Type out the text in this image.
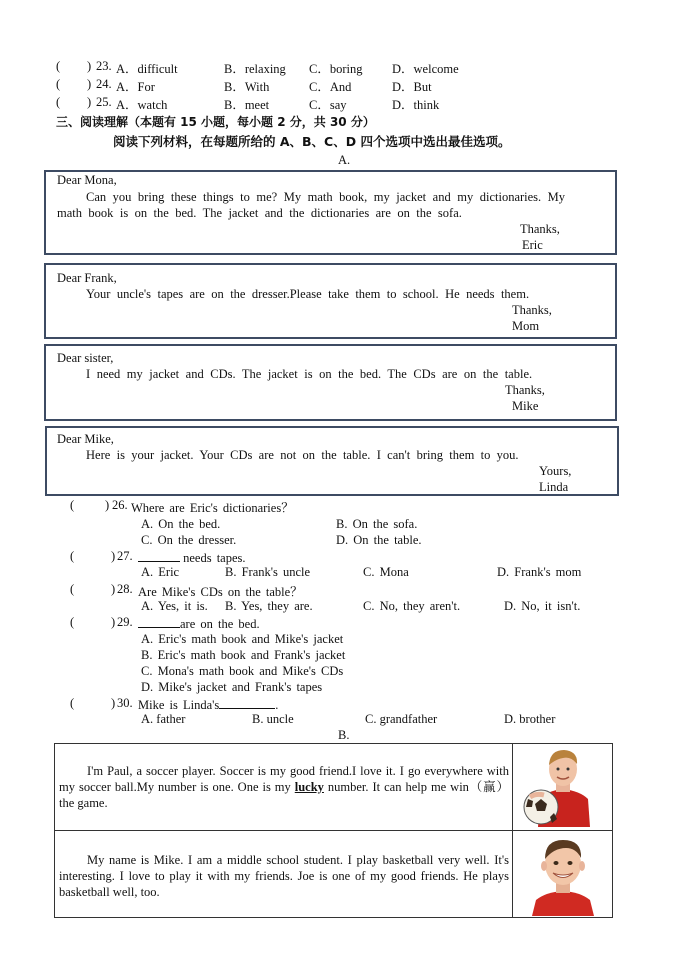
( ) 23. A．difficult	B．relaxing C．boring D．welcome
( ) 24. A．For	B．With	C．And	D．But
( ) 25. A．watch	B．meet	C．say	D．think
三、阅读理解（本题有 15 小题，每小题 2 分，共 30 分）
阅读下列材料，在每题所给的 A、B、C、D 四个选项中选出最佳选项。
A.
Dear Mona,
Can you bring these things to me? My math book, my jacket and my dictionaries. My
math book is on the bed. The jacket and the dictionaries are on the sofa.
Thanks,
Eric
Dear Frank,
Your uncle's tapes are on the dresser.Please take them to school. He needs them.
Thanks,
Mom
Dear sister,
I need my jacket and CDs. The jacket is on the bed. The CDs are on the table.
Thanks,
Mike
Dear Mike,
Here is your jacket. Your CDs are not on the table. I can't bring them to you.
Yours,
Linda
( ) 26. Where are Eric's dictionaries？
A. On the bed.	B. On the sofa.
C. On the dresser.	D. On the table.
(	) 27.	needs tapes.
A. Eric	B. Frank's uncle	C. Mona	D. Frank's mom
(	) 28. Are Mike's CDs on the table？
A. Yes, it is. B. Yes, they are.	C. No, they aren't.	D. No, it isn't.
(	) 29.	are on the bed.
A. Eric's math book and Mike's jacket
B. Eric's math book and Frank's jacket
C. Mona's math book and Mike's CDs
D. Mike's jacket and Frank's tapes
(	) 30. Mike is Linda's	.
A. father	B. uncle	C. grandfather	D. brother
B.
I'm Paul, a soccer player. Soccer is my good friend.I love it. I go everywhere with my soccer ball.My number is one. One is my lucky number. It can help me win（赢） the game.
My name is Mike. I am a middle school student. I play basketball very well. It's interesting. I love to play it with my friends. Joe is one of my good friends. He plays basketball well, too.
